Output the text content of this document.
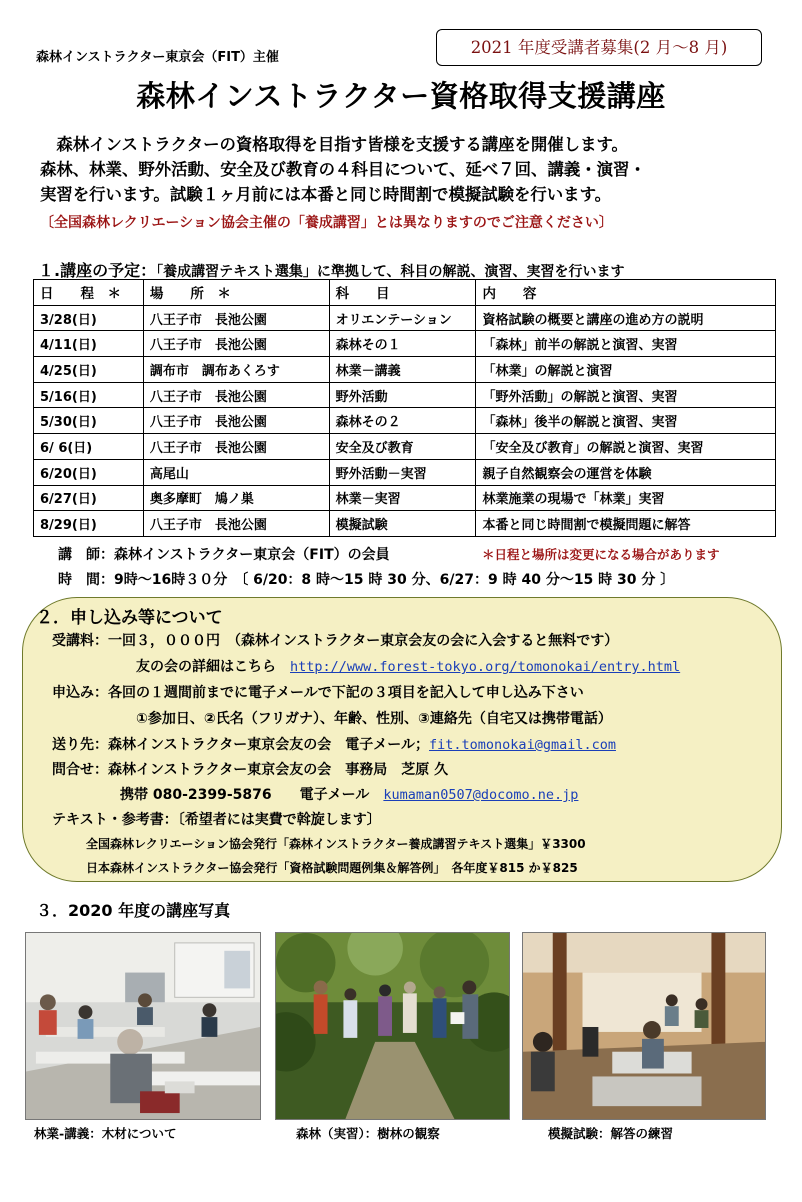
森林インストラクター東京会（FIT）主催
2021 年度受講者募集(2 月～8 月)
森林インストラクター資格取得支援講座

　森林インストラクターの資格取得を目指す皆様を支援する講座を開催します。

森林、林業、野外活動、安全及び教育の４科目について、延べ７回、講義・演習・

実習を行います。試験１ヶ月前には本番と同じ時間割で模擬試験を行います。

〔全国森林レクリエーション協会主催の「養成講習」とは異なりますのでご注意ください〕
１.講座の予定：「養成講習テキスト選集」に準拠して、科目の解説、演習、実習を行います
日　　程　＊	場　　所　＊	科　　目	内　　容
3/28(日)	八王子市　長池公園	オリエンテーション	資格試験の概要と講座の進め方の説明
4/11(日)	八王子市　長池公園	森林その１	「森林」前半の解説と演習、実習
4/25(日)	調布市　調布あくろす	林業－講義	「林業」の解説と演習
5/16(日)	八王子市　長池公園	野外活動	「野外活動」の解説と演習、実習
5/30(日)	八王子市　長池公園	森林その２	「森林」後半の解説と演習、実習
6/ 6(日)	八王子市　長池公園	安全及び教育	「安全及び教育」の解説と演習、実習
6/20(日)	高尾山	野外活動－実習	親子自然観察会の運営を体験
6/27(日)	奥多摩町　鳩ノ巣	林業－実習	林業施業の現場で「林業」実習
8/29(日)	八王子市　長池公園	模擬試験	本番と同じ時間割で模擬問題に解答
講　師：森林インストラクター東京会（FIT）の会員	＊日程と場所は変更になる場合があります
時　間：9時～16時３０分　〔 6/20：8 時～15 時 30 分、6/27：9 時 40 分～15 時 30 分 〕
２．申し込み等について
受講料：一回３，０００円　（森林インストラクター東京会友の会に入会すると無料です）
友の会の詳細はこちら　 http://www.forest-tokyo.org/tomonokai/entry.html
申込み：各回の１週間前までに電子メールで下記の３項目を記入して申し込み下さい
①参加日、②氏名（フリガナ）、年齢、性別、③連絡先（自宅又は携帯電話）
送り先：森林インストラクター東京会友の会　電子メール；fit.tomonokai@gmail.com
問合せ：森林インストラクター東京会友の会　事務局　芝原 久
携帯 080-2399-5876　　電子メール　 kumaman0507@docomo.ne.jp
テキスト・参考書：〔希望者には実費で斡旋します〕
全国森林レクリエーション協会発行「森林インストラクター養成講習テキスト選集」￥3300
日本森林インストラクター協会発行「資格試験問題例集＆解答例」　各年度￥815 か￥825
３．2020 年度の講座写真
林業-講義：木材について	森林（実習）：樹林の観察	模擬試験：解答の練習
